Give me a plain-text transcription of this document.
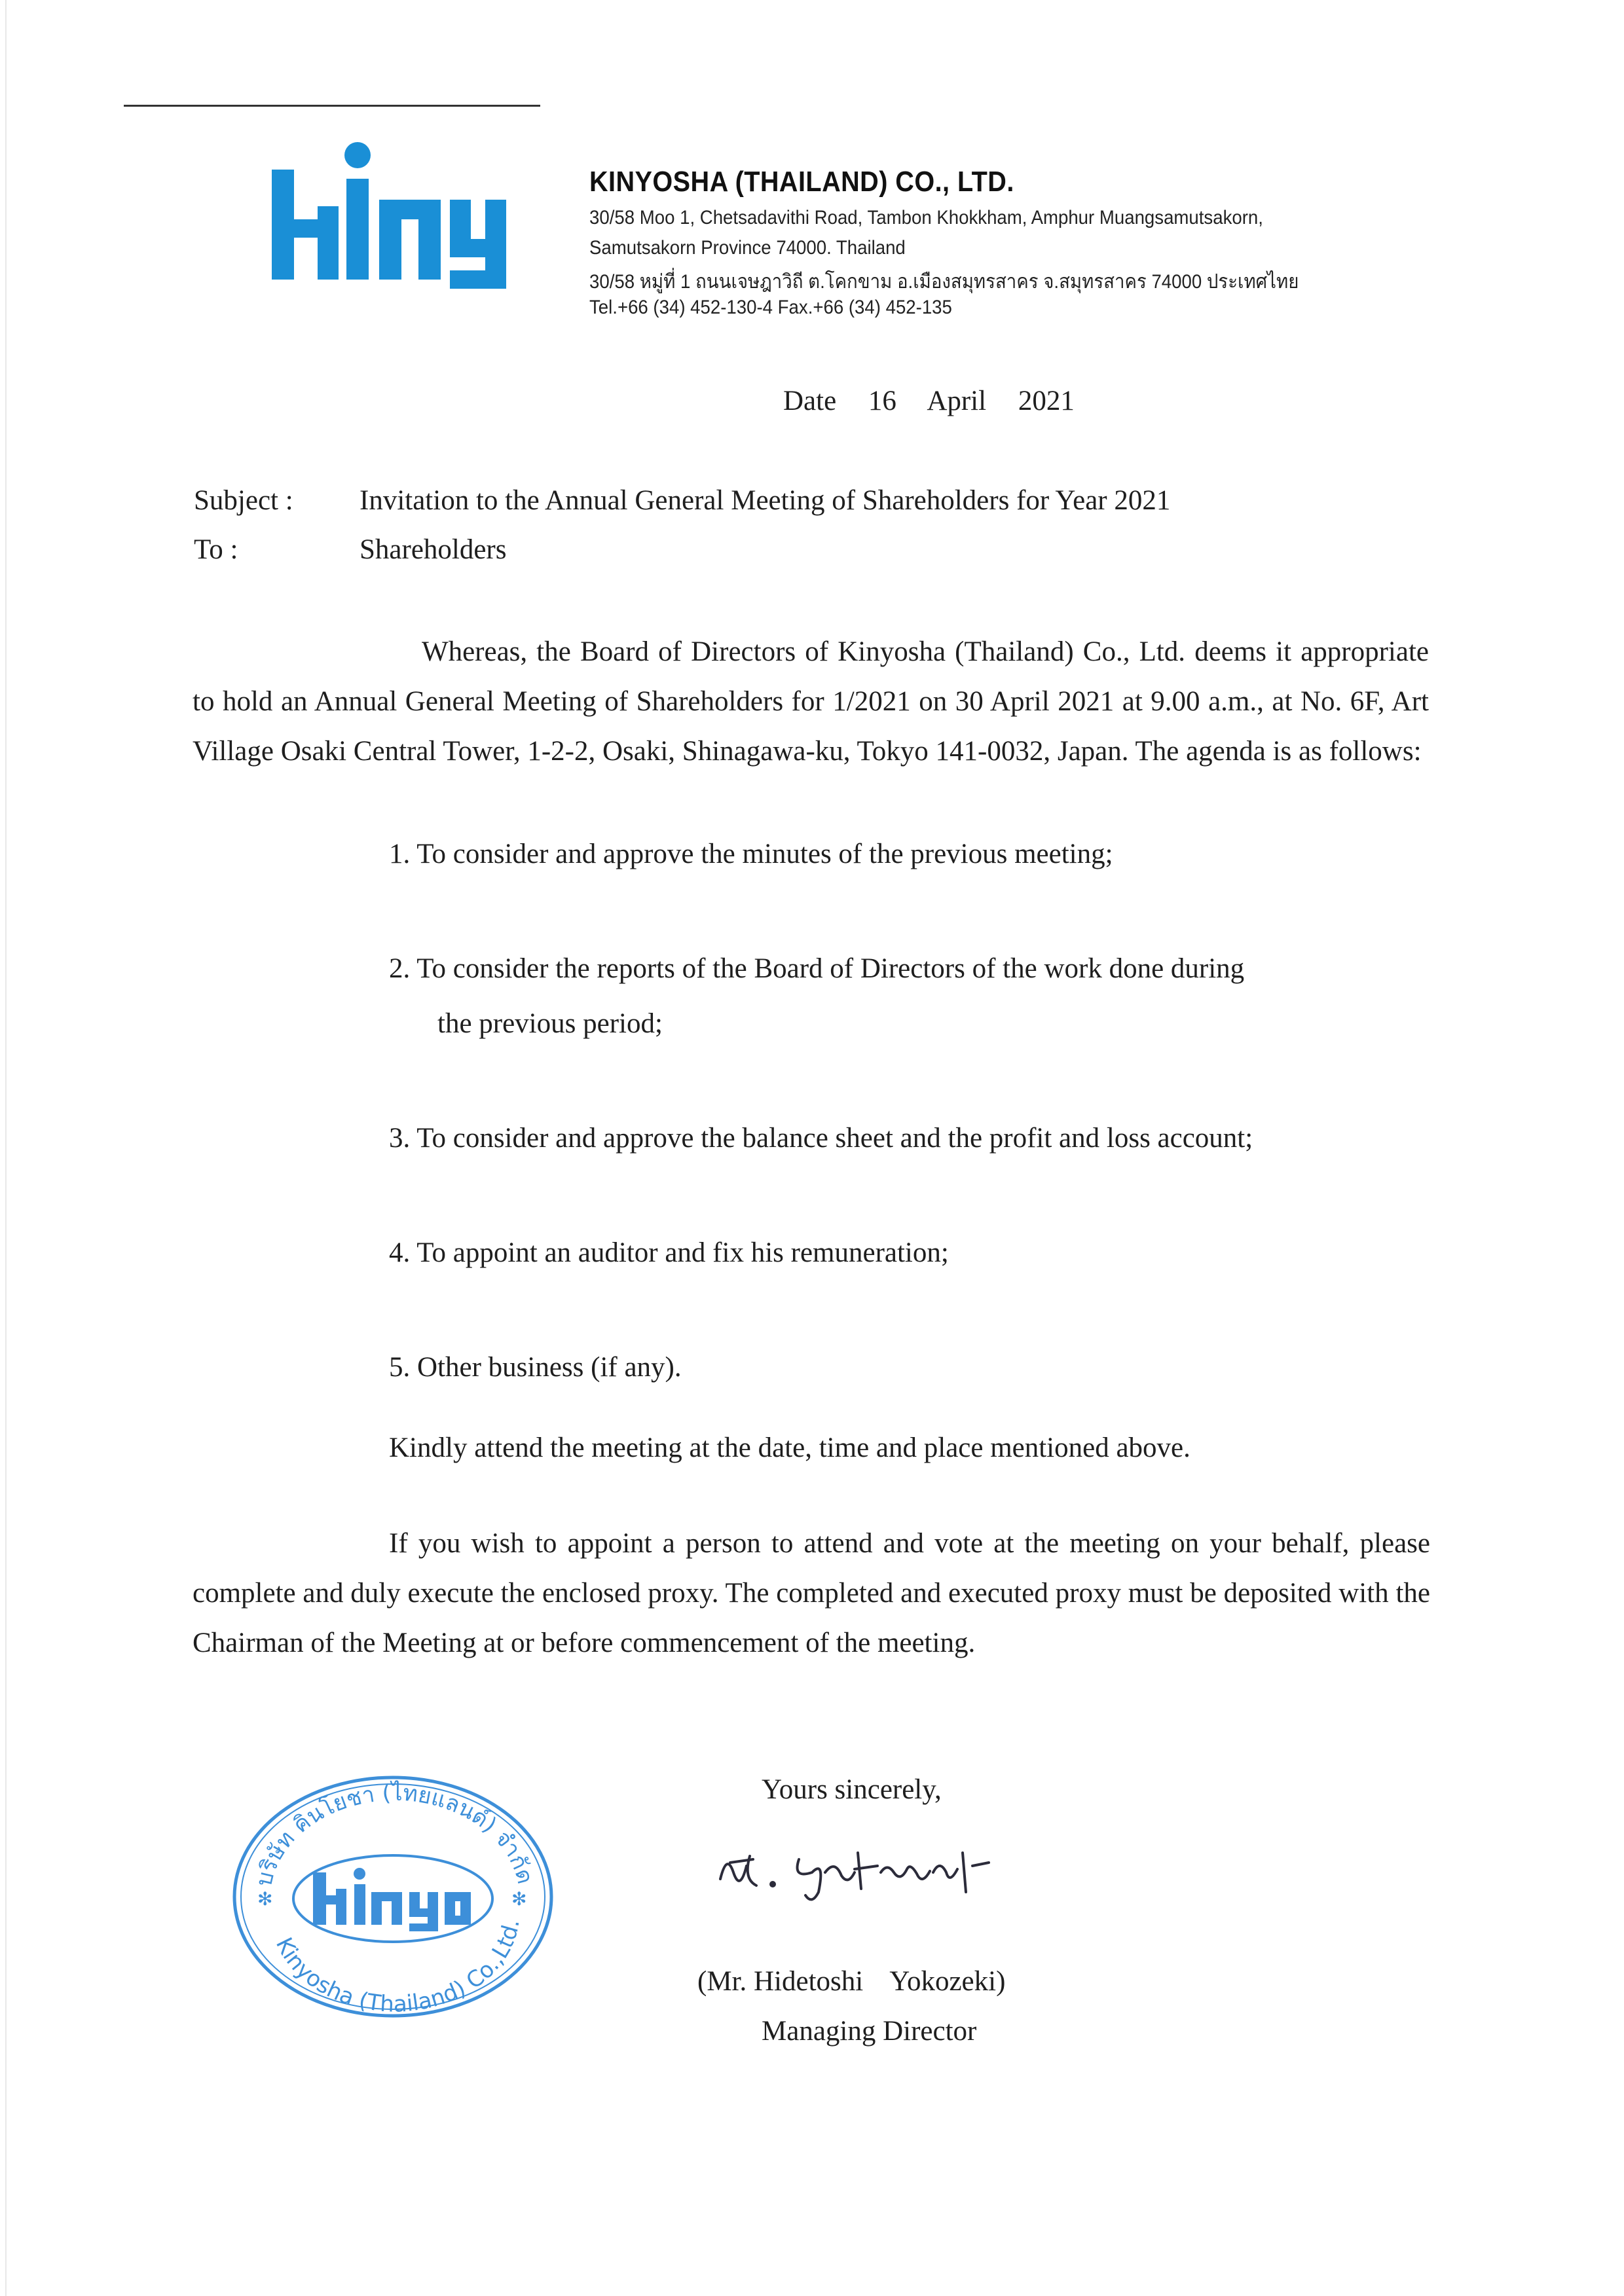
KINYOSHA (THAILAND) CO., LTD.
30/58 Moo 1, Chetsadavithi Road, Tambon Khokkham, Amphur Muangsamutsakorn,
Samutsakorn Province 74000. Thailand
30/58 หมู่ที่ 1 ถนนเจษฎาวิถี ต.โคกขาม อ.เมืองสมุทรสาคร จ.สมุทรสาคร 74000 ประเทศไทย
Tel.+66 (34) 452-130-4 Fax.+66 (34) 452-135
Date 16 April 2021
Subject : Invitation to the Annual General Meeting of Shareholders for Year 2021
To :	Shareholders

Whereas, the Board of Directors of Kinyosha (Thailand) Co., Ltd. deems it appropriate to hold an Annual General Meeting of Shareholders for 1/2021 on 30 April 2021 at 9.00 a.m., at No. 6F, Art Village Osaki Central Tower, 1-2-2, Osaki, Shinagawa-ku, Tokyo 141-0032, Japan. The agenda is as follows:

1. To consider and approve the minutes of the previous meeting;
2. To consider the reports of the Board of Directors of the work done during
the previous period;
3. To consider and approve the balance sheet and the profit and loss account;
4. To appoint an auditor and fix his remuneration;
5. Other business (if any).
Kindly attend the meeting at the date, time and place mentioned above.

If you wish to appoint a person to attend and vote at the meeting on your behalf, please complete and duly execute the enclosed proxy. The completed and executed proxy must be deposited with the Chairman of the Meeting at or before commencement of the meeting.

Yours sincerely,
(Mr. Hidetoshi Yokozeki)
Managing Director
✻	✻
บริษัท คินโยชา (ไทยแลนด์) จำกัด
Kinyosha (Thailand) Co.,Ltd.
